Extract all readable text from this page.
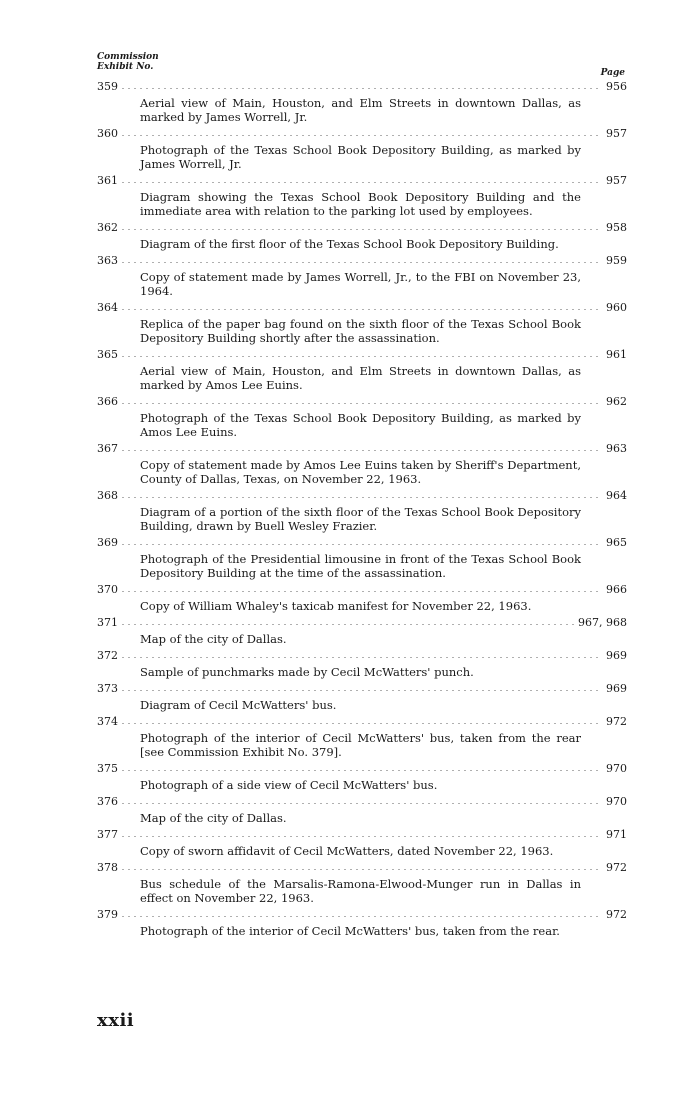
Commission
Exhibit No.
Page
359	956
Aerial view of Main, Houston, and Elm Streets in downtown Dallas, as marked by James Worrell, Jr.
360	957
Photograph of the Texas School Book Depository Building, as marked by James Worrell, Jr.
361	957
Diagram showing the Texas School Book Depository Building and the immediate area with relation to the parking lot used by employees.
362	958
Diagram of the first floor of the Texas School Book Depository Building.
363	959
Copy of statement made by James Worrell, Jr., to the FBI on November 23, 1964.
364	960
Replica of the paper bag found on the sixth floor of the Texas School Book Depository Building shortly after the assassination.
365	961
Aerial view of Main, Houston, and Elm Streets in downtown Dallas, as marked by Amos Lee Euins.
366	962
Photograph of the Texas School Book Depository Building, as marked by Amos Lee Euins.
367	963
Copy of statement made by Amos Lee Euins taken by Sheriff's Department, County of Dallas, Texas, on November 22, 1963.
368	964
Diagram of a portion of the sixth floor of the Texas School Book Depository Building, drawn by Buell Wesley Frazier.
369	965
Photograph of the Presidential limousine in front of the Texas School Book Depository Building at the time of the assassination.
370	966
Copy of William Whaley's taxicab manifest for November 22, 1963.
371	967, 968
Map of the city of Dallas.
372	969
Sample of punchmarks made by Cecil McWatters' punch.
373	969
Diagram of Cecil McWatters' bus.
374	972
Photograph of the interior of Cecil McWatters' bus, taken from the rear [see Commission Exhibit No. 379].
375	970
Photograph of a side view of Cecil McWatters' bus.
376	970
Map of the city of Dallas.
377	971
Copy of sworn affidavit of Cecil McWatters, dated November 22, 1963.
378	972
Bus schedule of the Marsalis-Ramona-Elwood-Munger run in Dallas in effect on November 22, 1963.
379	972
Photograph of the interior of Cecil McWatters' bus, taken from the rear.
xxii
